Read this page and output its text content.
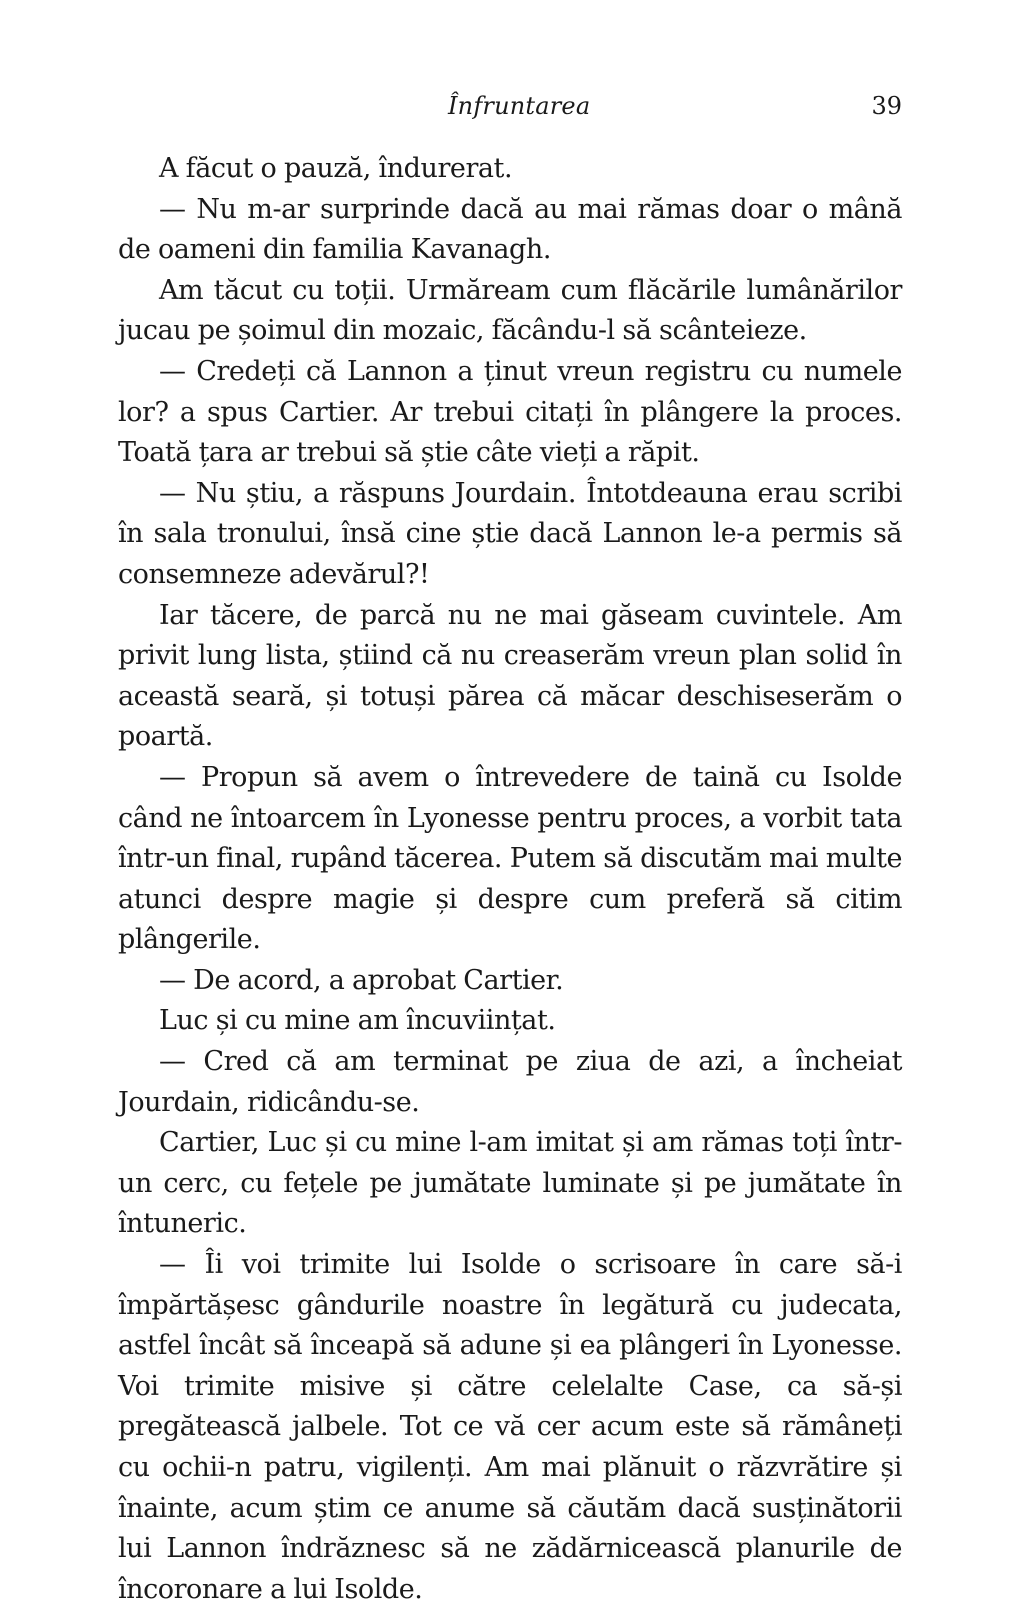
Înfruntarea	39

A făcut o pauză, îndurerat.

— Nu m-ar surprinde dacă au mai rămas doar o mână de oameni din familia Kavanagh.

Am tăcut cu toții. Urmăream cum flăcările lumânărilor jucau pe șoimul din mozaic, făcându-l să scânteieze.

— Credeți că Lannon a ținut vreun registru cu numele lor? a spus Cartier. Ar trebui citați în plângere la proces. Toată țara ar trebui să știe câte vieți a răpit.

— Nu știu, a răspuns Jourdain. Întotdeauna erau scribi în sala tronului, însă cine știe dacă Lannon le-a permis să consemneze adevărul?!

Iar tăcere, de parcă nu ne mai găseam cuvintele. Am privit lung lista, știind că nu creaserăm vreun plan solid în această seară, și totuși părea că măcar deschiseserăm o poartă.

— Propun să avem o întrevedere de taină cu Isolde când ne întoarcem în Lyonesse pentru proces, a vorbit tata într-un final, rupând tăcerea. Putem să discutăm mai multe atunci despre magie și despre cum preferă să citim plângerile.

— De acord, a aprobat Cartier.

Luc și cu mine am încuviințat.

— Cred că am terminat pe ziua de azi, a încheiat Jourdain, ridicându-se.

Cartier, Luc și cu mine l-am imitat și am rămas toți într-un cerc, cu fețele pe jumătate luminate și pe jumătate în întuneric.

— Îi voi trimite lui Isolde o scrisoare în care să-i împărtășesc gândurile noastre în legătură cu judecata, astfel încât să înceapă să adune și ea plângeri în Lyonesse. Voi trimite misive și către celelalte Case, ca să-și pregătească jalbele. Tot ce vă cer acum este să rămâneți cu ochii-n patru, vigilenți. Am mai plănuit o răzvrătire și înainte, acum știm ce anume să căutăm dacă susținătorii lui Lannon îndrăznesc să ne zădărnicească planurile de încoronare a lui Isolde.
